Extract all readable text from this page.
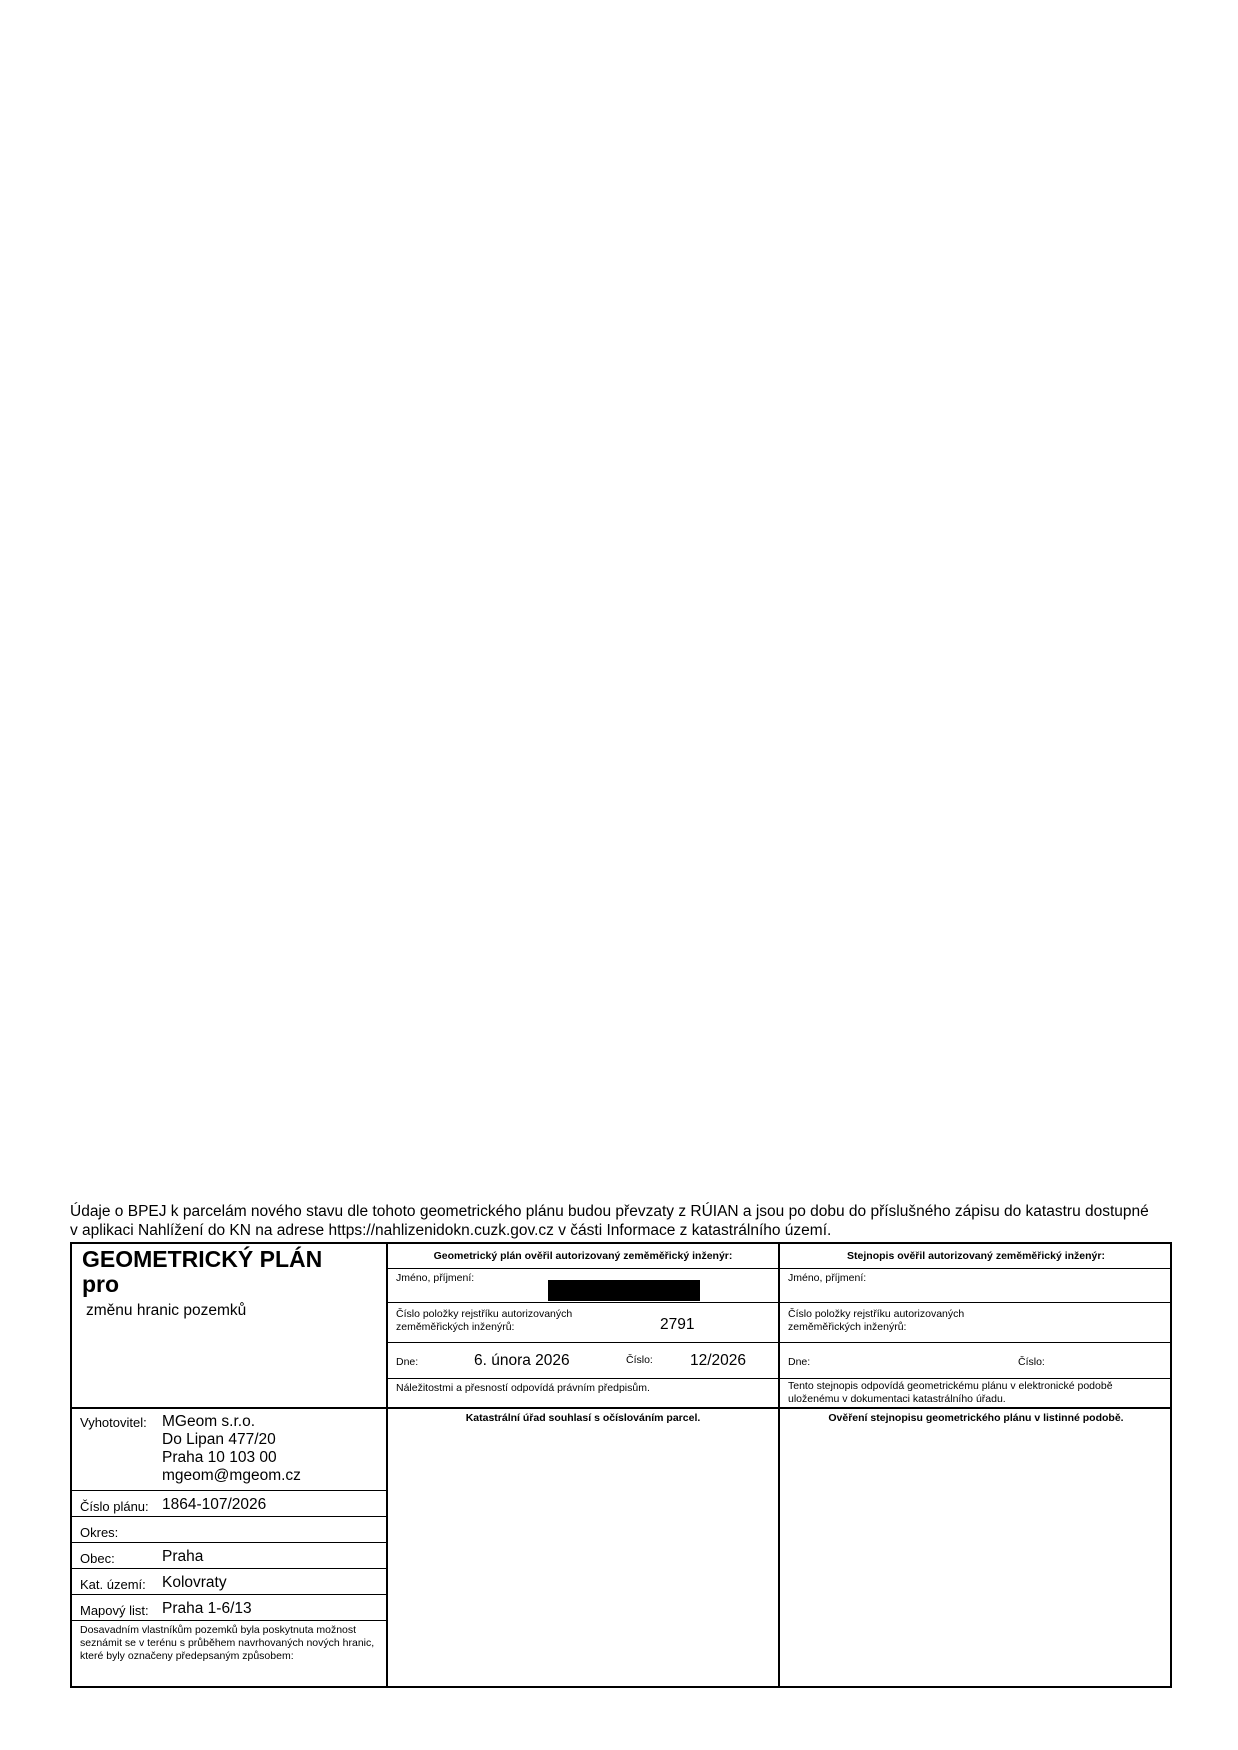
Údaje o BPEJ k parcelám nového stavu dle tohoto geometrického plánu budou převzaty z RÚIAN a jsou po dobu do příslušného zápisu do katastru dostupné
v aplikaci Nahlížení do KN na adrese https://nahlizenidokn.cuzk.gov.cz v části Informace z katastrálního území.
GEOMETRICKÝ PLÁN
pro
změnu hranic pozemků
Geometrický plán ověřil autorizovaný zeměměřický inženýr:
Jméno, příjmení:
Číslo položky rejstříku autorizovaných
zeměměřických inženýrů:	2791
Dne:	6. února 2026	Číslo: 12/2026
Náležitostmi a přesností odpovídá právním předpisům.
Stejnopis ověřil autorizovaný zeměměřický inženýr:
Jméno, příjmení:
Číslo položky rejstříku autorizovaných
zeměměřických inženýrů:
Dne:	Číslo:
Tento stejnopis odpovídá geometrickému plánu v elektronické podobě
uloženému v dokumentaci katastrálního úřadu.
Katastrální úřad souhlasí s očíslováním parcel.	Ověření stejnopisu geometrického plánu v listinné podobě.
Vyhotovitel: MGeom s.r.o.
Do Lipan 477/20
Praha 10 103 00
mgeom@mgeom.cz
Číslo plánu: 1864-107/2026
Okres:
Obec:	Praha
Kat. území: Kolovraty
Mapový list: Praha 1-6/13
Dosavadním vlastníkům pozemků byla poskytnuta možnost
seznámit se v terénu s průběhem navrhovaných nových hranic,
které byly označeny předepsaným způsobem:
